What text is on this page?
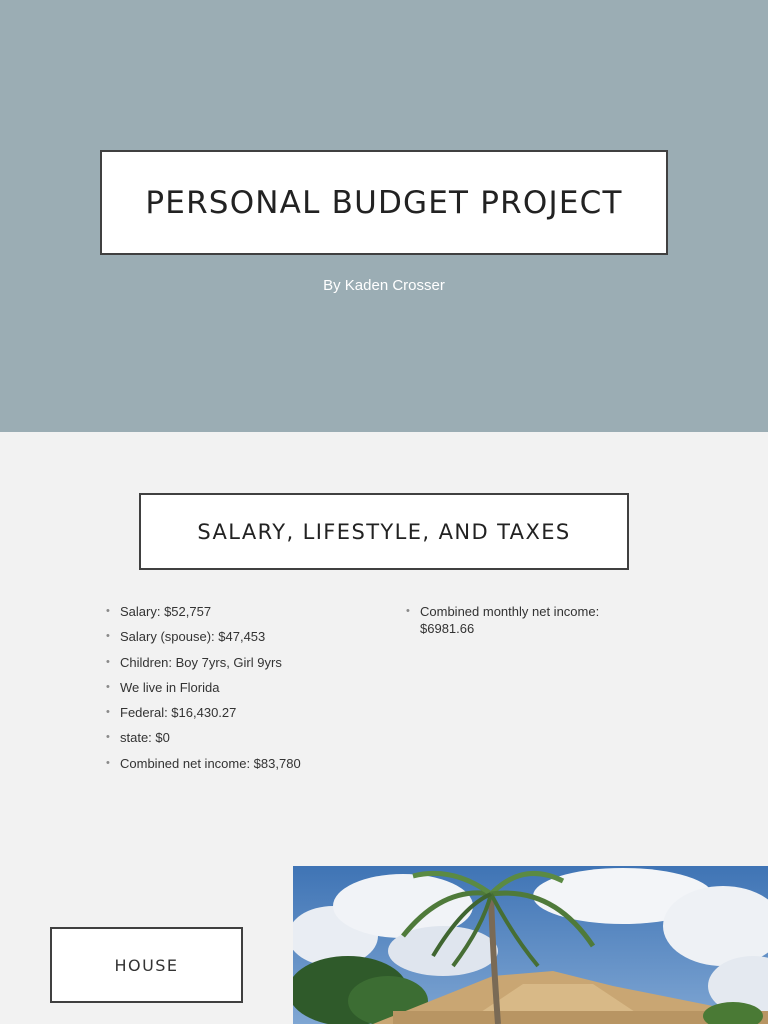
PERSONAL BUDGET PROJECT
By Kaden Crosser
SALARY, LIFESTYLE, AND TAXES
• Salary: $52,757
• Salary (spouse): $47,453
• Children: Boy 7yrs, Girl 9yrs
• We live in Florida
• Federal: $16,430.27
• state: $0
• Combined net income: $83,780
• Combined monthly net income: $6981.66
HOUSE
